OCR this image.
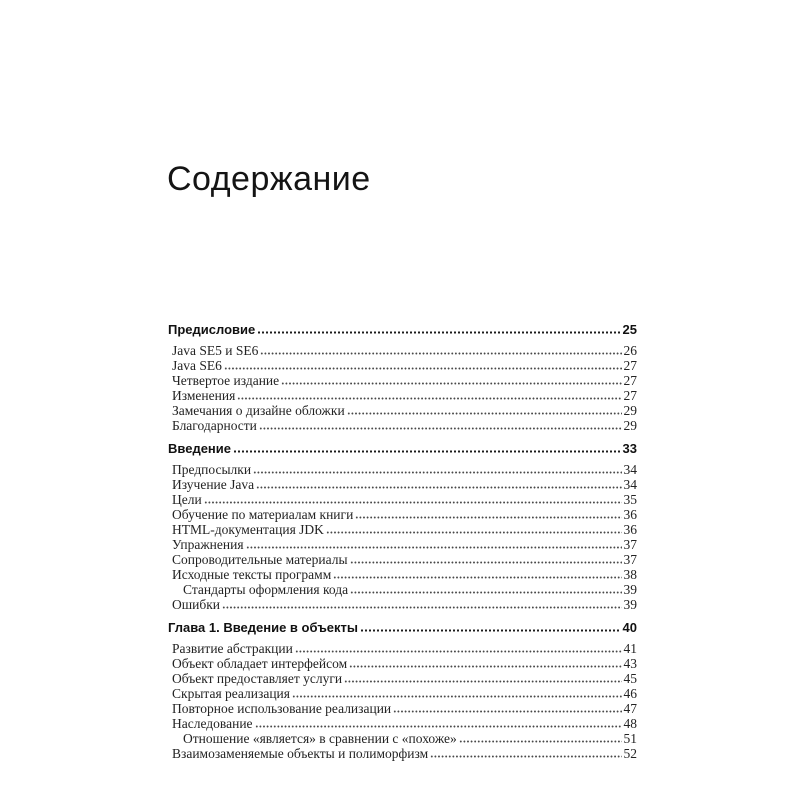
Содержание
Предисловие	25
Java SE5 и SE6	26
Java SE6	27
Четвертое издание	27
Изменения	27
Замечания о дизайне обложки	29
Благодарности	29
Введение	33
Предпосылки	34
Изучение Java	34
Цели	35
Обучение по материалам книги	36
HTML-документация JDK	36
Упражнения	37
Сопроводительные материалы	37
Исходные тексты программ	38
Стандарты оформления кода	39
Ошибки	39
Глава 1. Введение в объекты	40
Развитие абстракции	41
Объект обладает интерфейсом	43
Объект предоставляет услуги	45
Скрытая реализация	46
Повторное использование реализации	47
Наследование	48
Отношение «является» в сравнении с «похоже»	51
Взаимозаменяемые объекты и полиморфизм	52
